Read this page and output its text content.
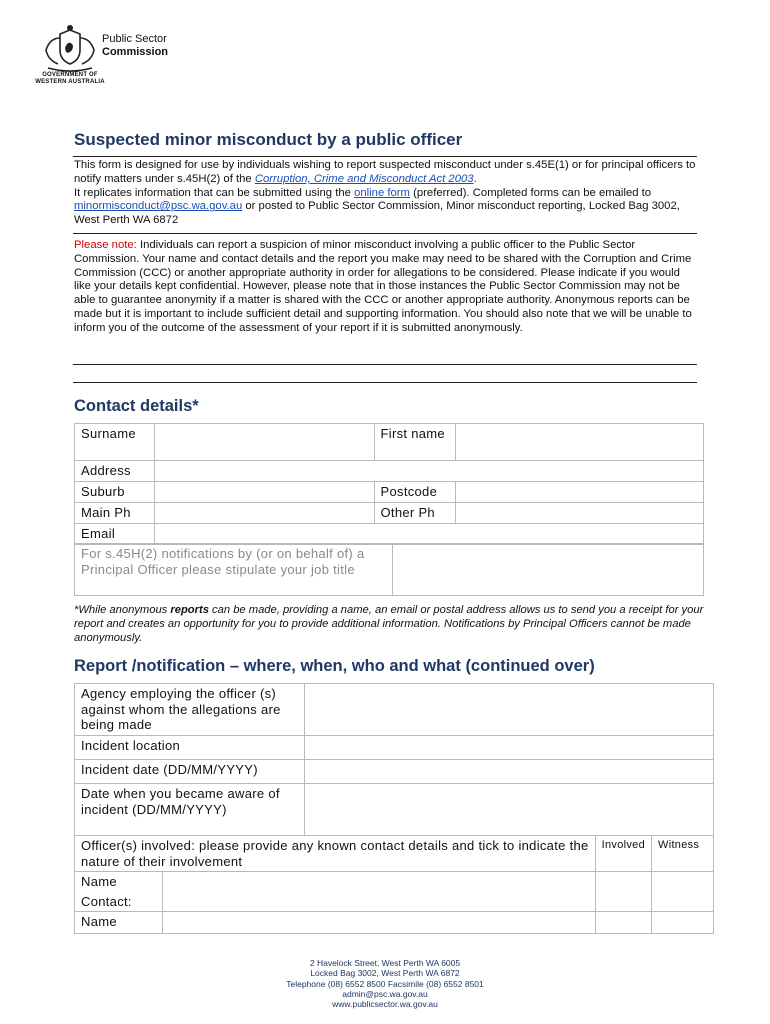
GOVERNMENT OF
WESTERN AUSTRALIA
Public Sector
Commission
Suspected minor misconduct by a public officer
This form is designed for use by individuals wishing to report suspected misconduct under s.45E(1) or for principal officers to notify matters under s.45H(2) of the Corruption, Crime and Misconduct Act 2003.
It replicates information that can be submitted using the online form (preferred). Completed forms can be emailed to minormisconduct@psc.wa.gov.au or posted to Public Sector Commission, Minor misconduct reporting, Locked Bag 3002, West Perth WA 6872
Please note: Individuals can report a suspicion of minor misconduct involving a public officer to the Public Sector Commission. Your name and contact details and the report you make may need to be shared with the Corruption and Crime Commission (CCC) or another appropriate authority in order for allegations to be considered. Please indicate if you would like your details kept confidential. However, please note that in those instances the Public Sector Commission may not be able to guarantee anonymity if a matter is shared with the CCC or another appropriate authority. Anonymous reports can be made but it is important to include sufficient detail and supporting information. You should also note that we will be unable to inform you of the outcome of the assessment of your report if it is submitted anonymously.
Contact details*
Surname		First name	
Address			
Suburb		Postcode	
Main Ph		Other Ph	
Email			
For s.45H(2) notifications by (or on behalf of) a Principal Officer please stipulate your job title	
*While anonymous reports can be made, providing a name, an email or postal address allows us to send you a receipt for your report and creates an opportunity for you to provide additional information. Notifications by Principal Officers cannot be made anonymously.
Report /notification – where, when, who and what (continued over)
Agency employing the officer (s) against whom the allegations are being made				
Incident location				
Incident date (DD/MM/YYYY)				
Date when you became aware of incident (DD/MM/YYYY)				
Officer(s) involved: please provide any known contact details and tick to indicate the nature of their involvement			Involved	Witness
Name				
Contact:				
Name				
2 Havelock Street, West Perth WA 6005
Locked Bag 3002, West Perth WA 6872
Telephone (08) 6552 8500 Facsimile (08) 6552 8501
admin@psc.wa.gov.au
www.publicsector.wa.gov.au
